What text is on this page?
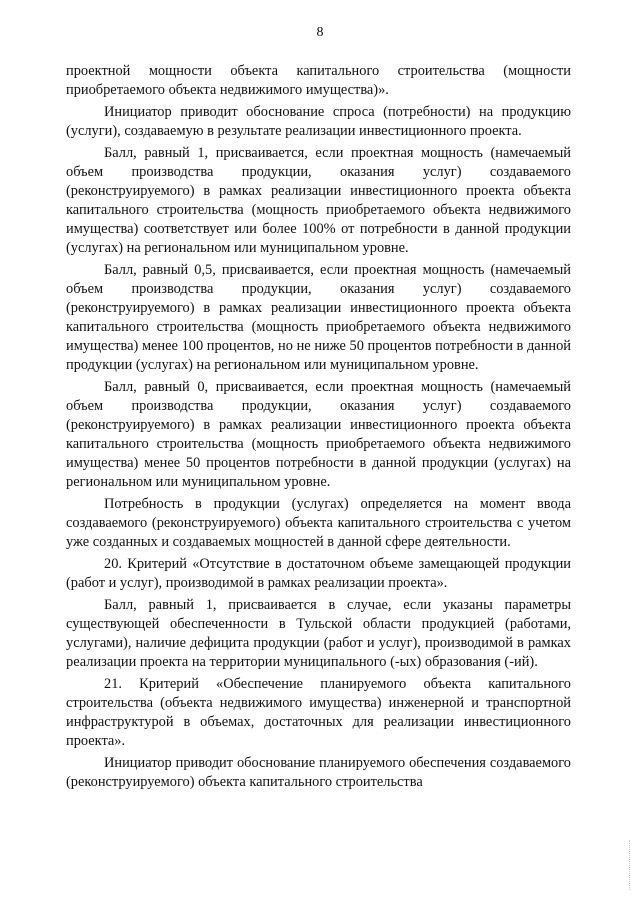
8

проектной мощности объекта капитального строительства (мощности приобретаемого объекта недвижимого имущества)».

Инициатор приводит обоснование спроса (потребности) на продукцию (услуги), создаваемую в результате реализации инвестиционного проекта.

Балл, равный 1, присваивается, если проектная мощность (намечаемый объем производства продукции, оказания услуг) создаваемого (реконструируемого) в рамках реализации инвестиционного проекта объекта капитального строительства (мощность приобретаемого объекта недвижимого имущества) соответствует или более 100% от потребности в данной продукции (услугах) на региональном или муниципальном уровне.

Балл, равный 0,5, присваивается, если проектная мощность (намечаемый объем производства продукции, оказания услуг) создаваемого (реконструируемого) в рамках реализации инвестиционного проекта объекта капитального строительства (мощность приобретаемого объекта недвижимого имущества) менее 100 процентов, но не ниже 50 процентов потребности в данной продукции (услугах) на региональном или муниципальном уровне.

Балл, равный 0, присваивается, если проектная мощность (намечаемый объем производства продукции, оказания услуг) создаваемого (реконструируемого) в рамках реализации инвестиционного проекта объекта капитального строительства (мощность приобретаемого объекта недвижимого имущества) менее 50 процентов потребности в данной продукции (услугах) на региональном или муниципальном уровне.

Потребность в продукции (услугах) определяется на момент ввода создаваемого (реконструируемого) объекта капитального строительства с учетом уже созданных и создаваемых мощностей в данной сфере деятельности.

20. Критерий «Отсутствие в достаточном объеме замещающей продукции (работ и услуг), производимой в рамках реализации проекта».

Балл, равный 1, присваивается в случае, если указаны параметры существующей обеспеченности в Тульской области продукцией (работами, услугами), наличие дефицита продукции (работ и услуг), производимой в рамках реализации проекта на территории муниципального (-ых) образования (-ий).

21. Критерий «Обеспечение планируемого объекта капитального строительства (объекта недвижимого имущества) инженерной и транспортной инфраструктурой в объемах, достаточных для реализации инвестиционного проекта».

Инициатор приводит обоснование планируемого обеспечения создаваемого (реконструируемого) объекта капитального строительства
